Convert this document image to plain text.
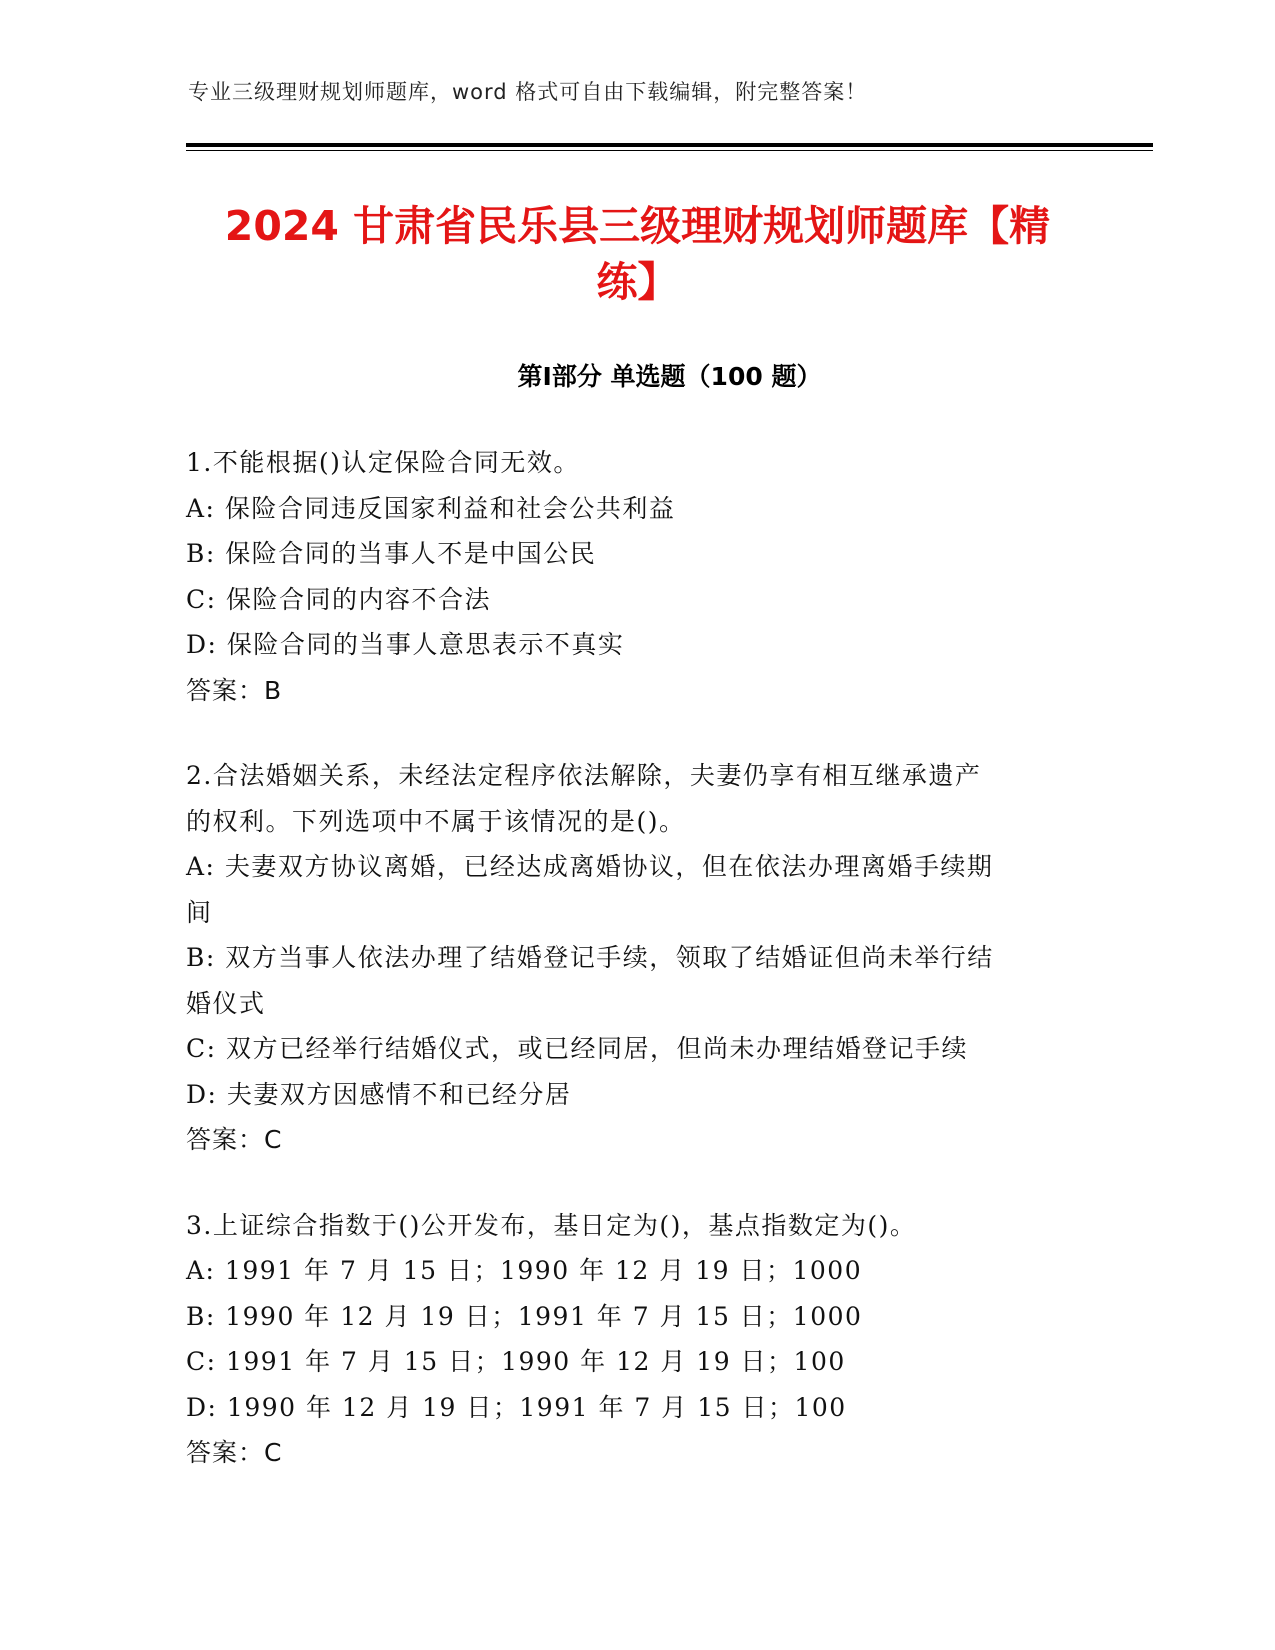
专业三级理财规划师题库，word 格式可自由下载编辑，附完整答案！
2024 甘肃省民乐县三级理财规划师题库【精
练】
第Ⅰ部分 单选题（100 题）
1.不能根据()认定保险合同无效。
A: 保险合同违反国家利益和社会公共利益
B: 保险合同的当事人不是中国公民
C: 保险合同的内容不合法
D: 保险合同的当事人意思表示不真实
答案：B
2.合法婚姻关系，未经法定程序依法解除，夫妻仍享有相互继承遗产
的权利。下列选项中不属于该情况的是()。
A: 夫妻双方协议离婚，已经达成离婚协议，但在依法办理离婚手续期
间
B: 双方当事人依法办理了结婚登记手续，领取了结婚证但尚未举行结
婚仪式
C: 双方已经举行结婚仪式，或已经同居，但尚未办理结婚登记手续
D: 夫妻双方因感情不和已经分居
答案：C
3.上证综合指数于()公开发布，基日定为()，基点指数定为()。
A: 1991 年 7 月 15 日；1990 年 12 月 19 日；1000
B: 1990 年 12 月 19 日；1991 年 7 月 15 日；1000
C: 1991 年 7 月 15 日；1990 年 12 月 19 日；100
D: 1990 年 12 月 19 日；1991 年 7 月 15 日；100
答案：C
